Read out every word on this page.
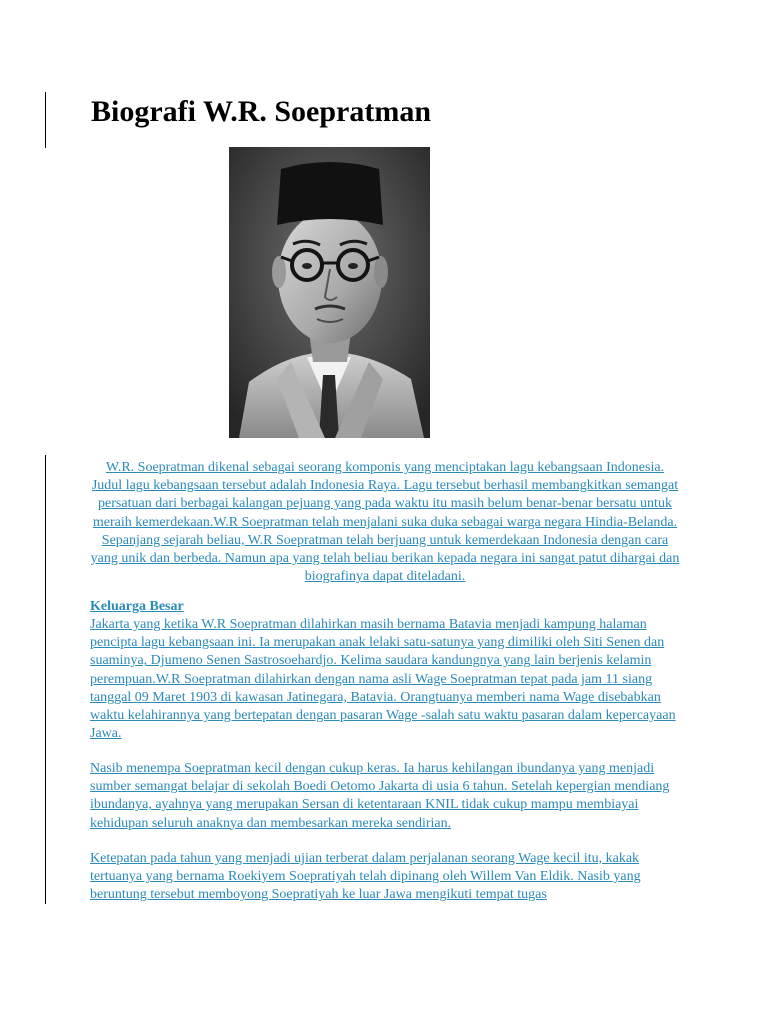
Biografi W.R. Soepratman

W.R. Soepratman dikenal sebagai seorang komponis yang menciptakan lagu kebangsaan Indonesia. Judul lagu kebangsaan tersebut adalah Indonesia Raya. Lagu tersebut berhasil membangkitkan semangat persatuan dari berbagai kalangan pejuang yang pada waktu itu masih belum benar-benar bersatu untuk meraih kemerdekaan.W.R Soepratman telah menjalani suka duka sebagai warga negara Hindia-Belanda. Sepanjang sejarah beliau, W.R Soepratman telah berjuang untuk kemerdekaan Indonesia dengan cara yang unik dan berbeda. Namun apa yang telah beliau berikan kepada negara ini sangat patut dihargai dan biografinya dapat diteladani.

Keluarga Besar

Jakarta yang ketika W.R Soepratman dilahirkan masih bernama Batavia menjadi kampung halaman pencipta lagu kebangsaan ini. Ia merupakan anak lelaki satu-satunya yang dimiliki oleh Siti Senen dan suaminya, Djumeno Senen Sastrosoehardjo. Kelima saudara kandungnya yang lain berjenis kelamin perempuan.W.R Soepratman dilahirkan dengan nama asli Wage Soepratman tepat pada jam 11 siang tanggal 09 Maret 1903 di kawasan Jatinegara, Batavia. Orangtuanya memberi nama Wage disebabkan waktu kelahirannya yang bertepatan dengan pasaran Wage -salah satu waktu pasaran dalam kepercayaan Jawa.

Nasib menempa Soepratman kecil dengan cukup keras. Ia harus kehilangan ibundanya yang menjadi sumber semangat belajar di sekolah Boedi Oetomo Jakarta di usia 6 tahun. Setelah kepergian mendiang ibundanya, ayahnya yang merupakan Sersan di ketentaraan KNIL tidak cukup mampu membiayai kehidupan seluruh anaknya dan membesarkan mereka sendirian.

Ketepatan pada tahun yang menjadi ujian terberat dalam perjalanan seorang Wage kecil itu, kakak tertuanya yang bernama Roekiyem Soepratiyah telah dipinang oleh Willem Van Eldik. Nasib yang beruntung tersebut memboyong Soepratiyah ke luar Jawa mengikuti tempat tugas
